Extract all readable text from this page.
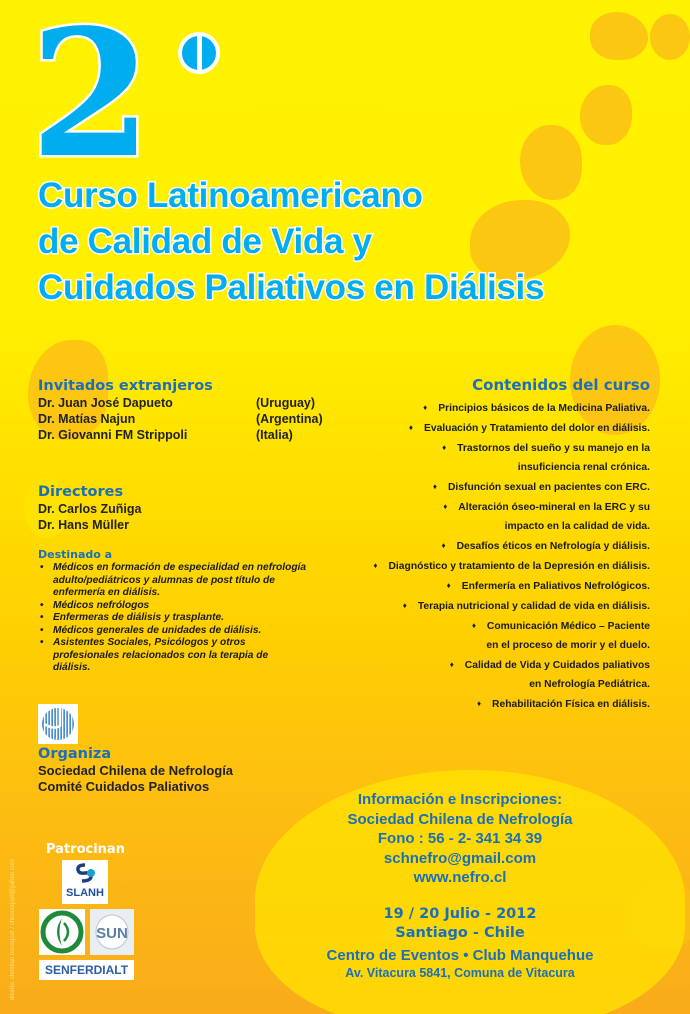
2
Curso Latinoamericano
de Calidad de Vida y
Cuidados Paliativos en Diálisis
Invitados extranjeros
Dr. Juan José Dapueto	(Uruguay)
Dr. Matías Najun	(Argentina)
Dr. Giovanni FM Strippoli	(Italia)
Directores
Dr. Carlos Zuñiga
Dr. Hans Müller
Destinado a
• Médicos en formación de especialidad en nefrología adulto/pediátricos y alumnas de post título de enfermería en diálisis.
• Médicos nefrólogos
• Enfermeras de diálisis y trasplante.
• Médicos generales de unidades de diálisis.
• Asistentes Sociales, Psicólogos y otros profesionales relacionados con la terapia de diálisis.
Contenidos del curso
♦ Principios básicos de la Medicina Paliativa.
♦ Evaluación y Tratamiento del dolor en diálisis.
♦ Trastornos del sueño y su manejo en la
insuficiencia renal crónica.
♦ Disfunción sexual en pacientes con ERC.
♦ Alteración óseo-mineral en la ERC y su
impacto en la calidad de vida.
♦ Desafíos éticos en Nefrología y diálisis.
♦ Diagnóstico y tratamiento de la Depresión en diálisis.
♦ Enfermería en Paliativos Nefrológicos.
♦ Terapia nutricional y calidad de vida en diálisis.
♦ Comunicación Médico – Paciente
en el proceso de morir y el duelo.
♦ Calidad de Vida y Cuidados paliativos
en Nefrología Pediátrica.
♦ Rehabilitación Física en diálisis.
Organiza
Sociedad Chilena de Nefrología
Comité Cuidados Paliativos
diseño: christian bousquet / chbousquet@yahoo.com
Patrocinan
SLANH
SUN
SENFERDIALT
Información e Inscripciones:
Sociedad Chilena de Nefrología
Fono : 56 - 2- 341 34 39
schnefro@gmail.com
www.nefro.cl
19 / 20 Julio - 2012
Santiago - Chile
Centro de Eventos • Club Manquehue
Av. Vitacura 5841, Comuna de Vitacura
